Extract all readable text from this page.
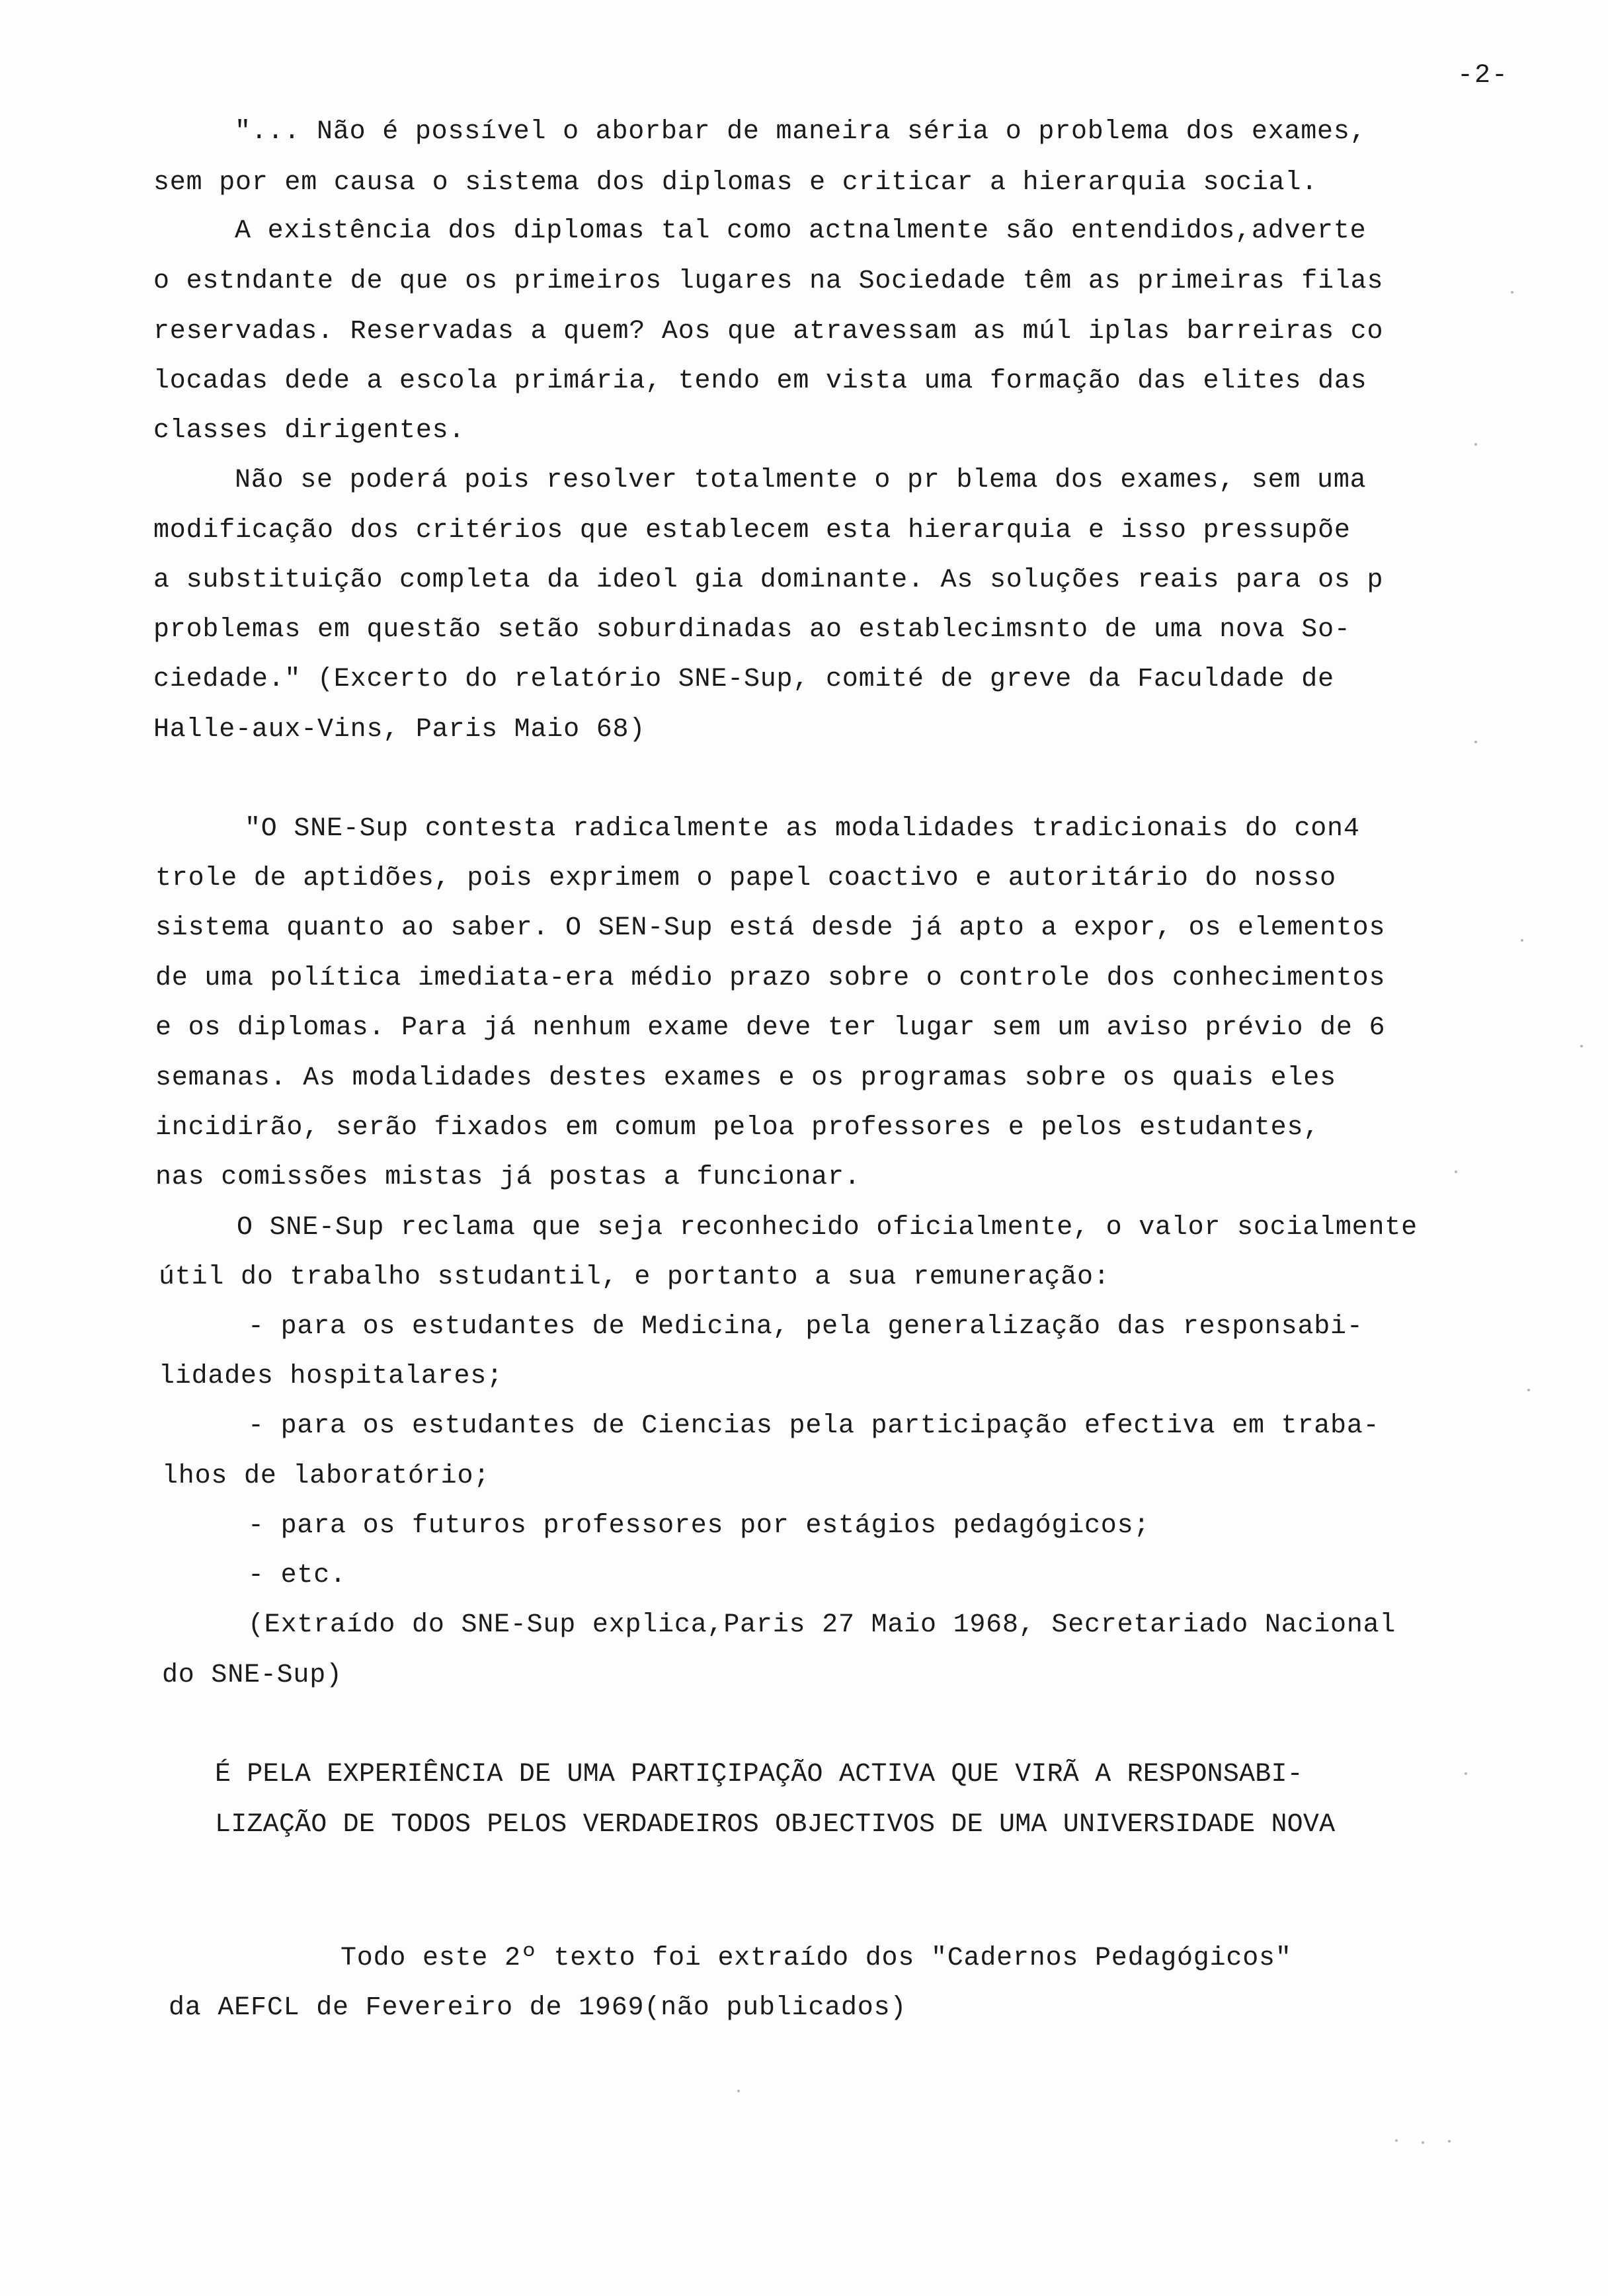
-2-
"... Não é possível o aborbar de maneira séria o problema dos exames,
sem por em causa o sistema dos diplomas e criticar a hierarquia social.
A existência dos diplomas tal como actnalmente são entendidos,adverte
o estndante de que os primeiros lugares na Sociedade têm as primeiras filas
reservadas. Reservadas a quem? Aos que atravessam as múl iplas barreiras co
locadas dede a escola primária, tendo em vista uma formação das elites das
classes dirigentes.
Não se poderá pois resolver totalmente o pr blema dos exames, sem uma
modificação dos critérios que establecem esta hierarquia e isso pressupõe
a substituição completa da ideol gia dominante. As soluções reais para os p
problemas em questão setão soburdinadas ao establecimsnto de uma nova So-
ciedade." (Excerto do relatório SNE-Sup, comité de greve da Faculdade de
Halle-aux-Vins, Paris Maio 68)
"O SNE-Sup contesta radicalmente as modalidades tradicionais do con4
trole de aptidões, pois exprimem o papel coactivo e autoritário do nosso
sistema quanto ao saber. O SEN-Sup está desde já apto a expor, os elementos
de uma política imediata-era médio prazo sobre o controle dos conhecimentos
e os diplomas. Para já nenhum exame deve ter lugar sem um aviso prévio de 6
semanas. As modalidades destes exames e os programas sobre os quais eles
incidirão, serão fixados em comum peloa professores e pelos estudantes,
nas comissões mistas já postas a funcionar.
O SNE-Sup reclama que seja reconhecido oficialmente, o valor socialmente
útil do trabalho sstudantil, e portanto a sua remuneração:
- para os estudantes de Medicina, pela generalização das responsabi-
lidades hospitalares;
- para os estudantes de Ciencias pela participação efectiva em traba-
lhos de laboratório;
- para os futuros professores por estágios pedagógicos;
- etc.
(Extraído do SNE-Sup explica,Paris 27 Maio 1968, Secretariado Nacional
do SNE-Sup)
É PELA EXPERIÊNCIA DE UMA PARTIÇIPAÇÃO ACTIVA QUE VIRÃ A RESPONSABI-
LIZAÇÃO DE TODOS PELOS VERDADEIROS OBJECTIVOS DE UMA UNIVERSIDADE NOVA
Todo este 2º texto foi extraído dos "Cadernos Pedagógicos"
da AEFCL de Fevereiro de 1969(não publicados)
